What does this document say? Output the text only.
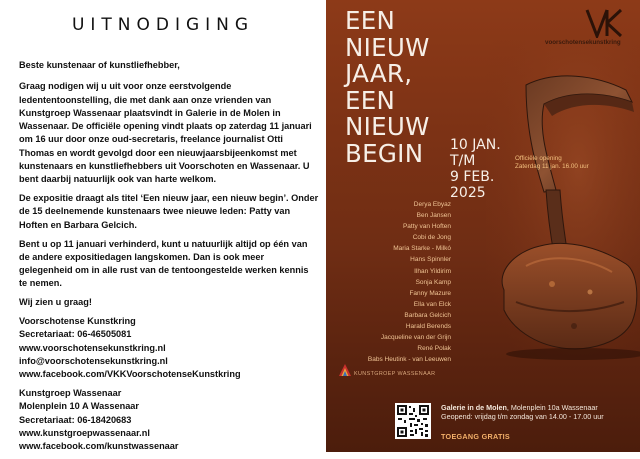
UITNODIGING

Beste kunstenaar of kunstliefhebber,

Graag nodigen wij u uit voor onze eerstvolgende ledententoonstelling, die met dank aan onze vrienden van Kunstgroep Wassenaar plaatsvindt in Galerie in de Molen in Wassenaar. De officiële opening vindt plaats op zaterdag 11 januari om 16 uur door onze oud-secretaris, freelance journalist Otti Thomas en wordt gevolgd door een nieuwjaarsbijeenkomst met kunstenaars en kunstliefhebbers uit Voorschoten en Wassenaar. U bent daarbij natuurlijk ook van harte welkom.

De expositie draagt als titel ‘Een nieuw jaar, een nieuw begin’. Onder de 15 deelnemende kunstenaars twee nieuwe leden: Patty van Hoften en Barbara Gelcich.

Bent u op 11 januari verhinderd, kunt u natuurlijk altijd op één van de andere expositiedagen langskomen. Dan is ook meer gelegenheid om in alle rust van de tentoongestelde werken kennis te nemen.

Wij zien u graag!

Voorschotense Kunstkring
Secretariaat: 06-46505081
www.voorschotensekunstkring.nl
info@voorschotensekunstkring.nl
www.facebook.com/VKKVoorschotenseKunstkring

Kunstgroep Wassenaar
Molenplein 10 A Wassenaar
Secretariaat: 06-18420683
www.kunstgroepwassenaar.nl
www.facebook.com/kunstwassenaar

EEN
NIEUW
JAAR,
EEN
NIEUW
BEGIN
voorschotensekunstkring
10 JAN.
T/M
9 FEB.
2025
Officiële opening
Zaterdag 11 jan. 16.00 uur
Derya Ebyaz
Ben Jansen
Patty van Hoften
Cobi de Jong
Maria Starke - Milkó
Hans Spinnler
Ilhan Yildirim
Sonja Kamp
Fanny Mazure
Ella van Elck
Barbara Gelcich
Harald Berends
Jacqueline van der Grijn
René Polak
Babs Heutink - van Leeuwen
KUNSTGROEP WASSENAAR
Galerie in de Molen, Molenplein 10a Wassenaar
Geopend: vrijdag t/m zondag van 14.00 - 17.00 uur
TOEGANG GRATIS
